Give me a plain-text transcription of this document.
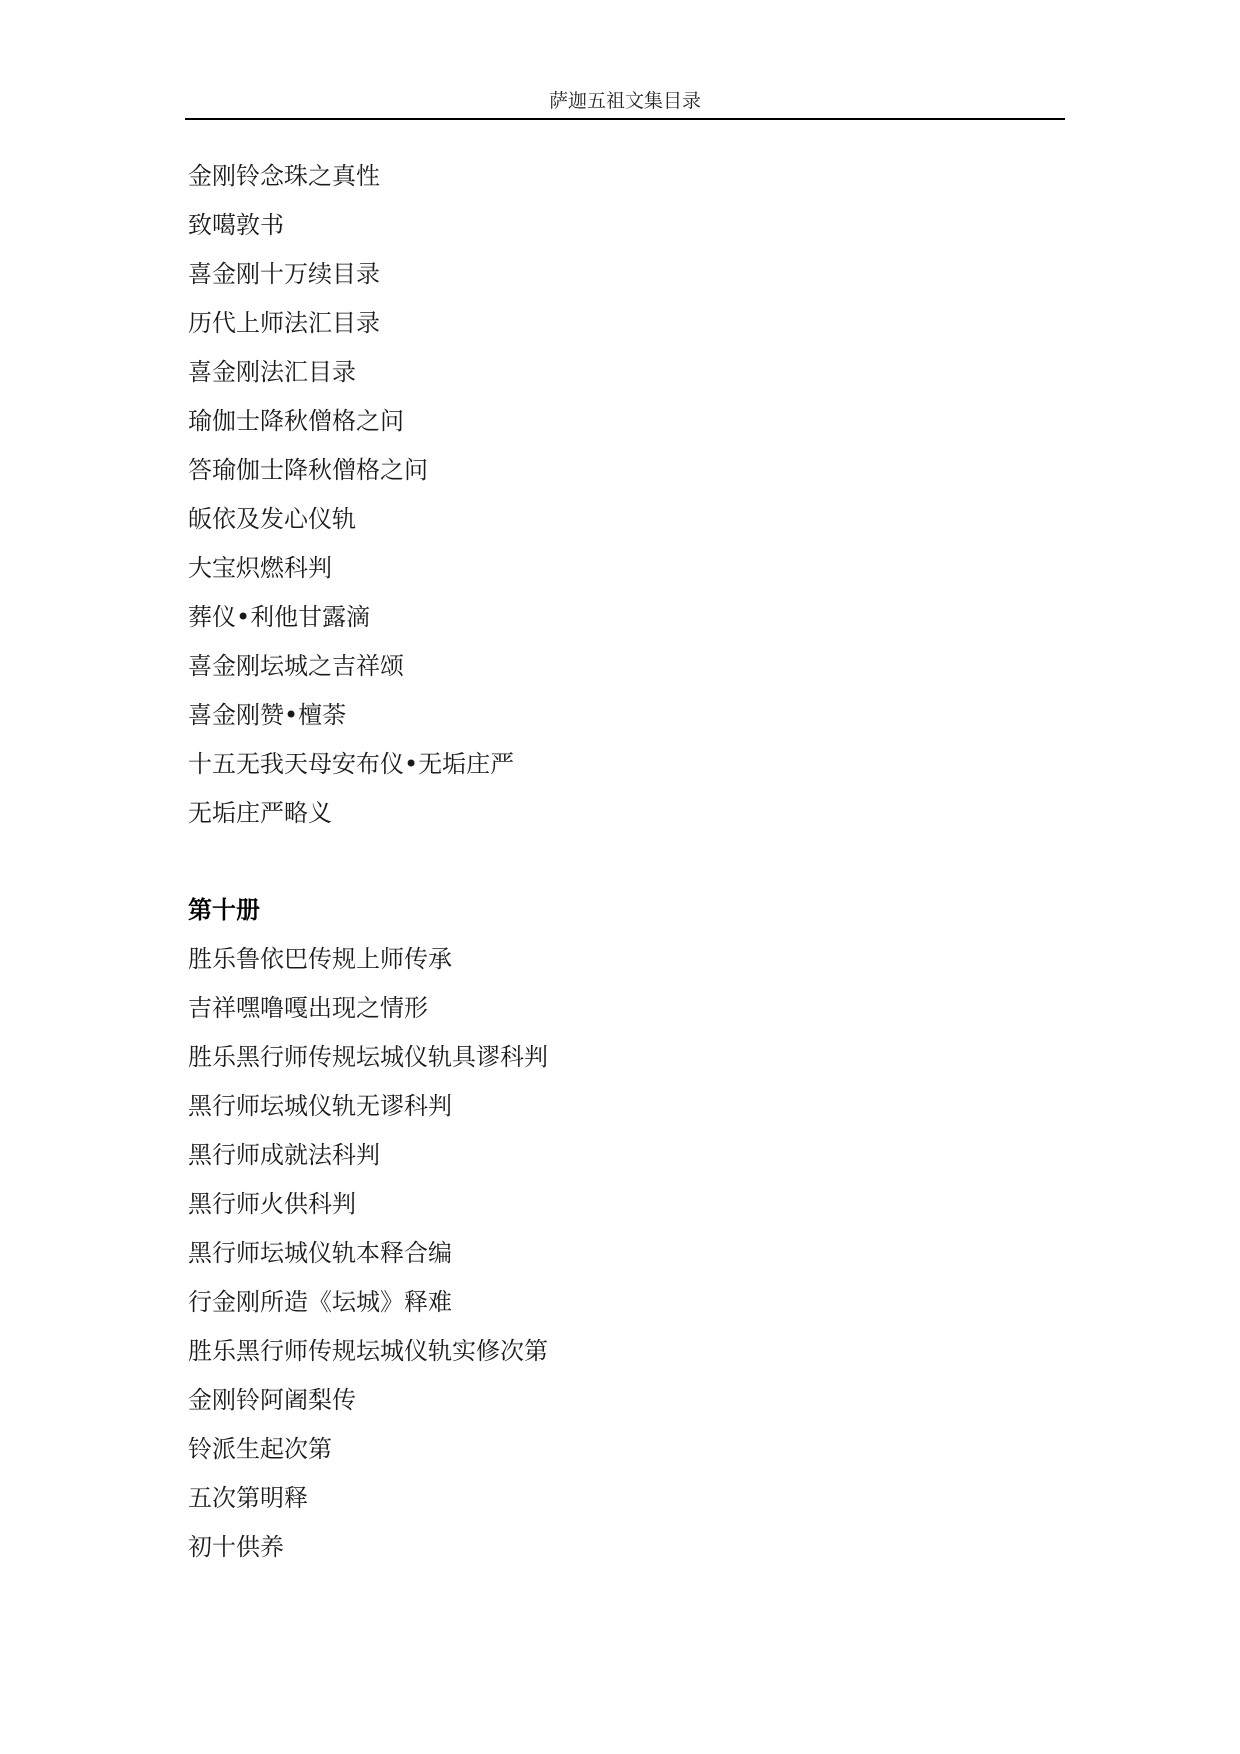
萨迦五祖文集目录
金刚铃念珠之真性
致噶敦书
喜金刚十万续目录
历代上师法汇目录
喜金刚法汇目录
瑜伽士降秋僧格之问
答瑜伽士降秋僧格之问
皈依及发心仪轨
大宝炽燃科判
葬仪•利他甘露滴
喜金刚坛城之吉祥颂
喜金刚赞•檀荼
十五无我天母安布仪•无垢庄严
无垢庄严略义
第十册
胜乐鲁依巴传规上师传承
吉祥嘿噜嘎出现之情形
胜乐黑行师传规坛城仪轨具谬科判
黑行师坛城仪轨无谬科判
黑行师成就法科判
黑行师火供科判
黑行师坛城仪轨本释合编
行金刚所造《坛城》释难
胜乐黑行师传规坛城仪轨实修次第
金刚铃阿阇梨传
铃派生起次第
五次第明释
初十供养
